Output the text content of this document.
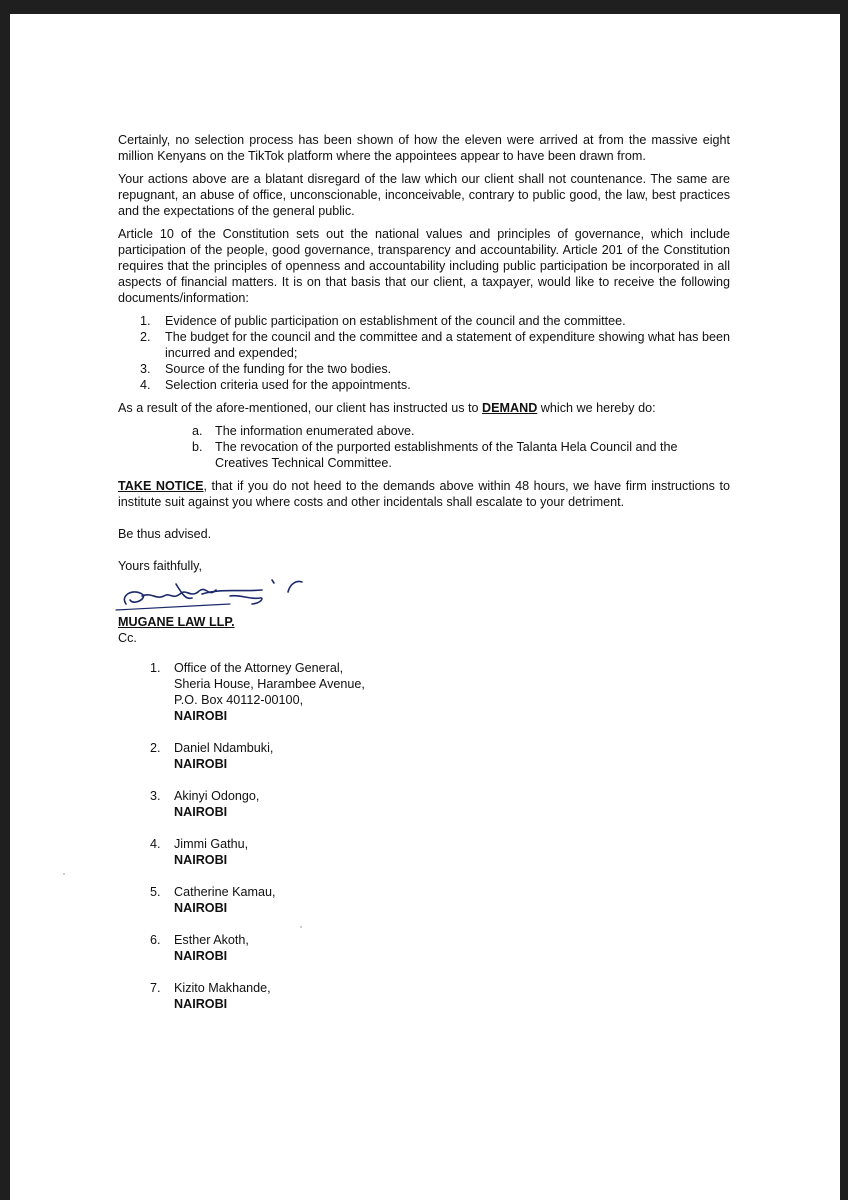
Certainly, no selection process has been shown of how the eleven were arrived at from the massive eight million Kenyans on the TikTok platform where the appointees appear to have been drawn from.

Your actions above are a blatant disregard of the law which our client shall not countenance. The same are repugnant, an abuse of office, unconscionable, inconceivable, contrary to public good, the law, best practices and the expectations of the general public.

Article 10 of the Constitution sets out the national values and principles of governance, which include participation of the people, good governance, transparency and accountability. Article 201 of the Constitution requires that the principles of openness and accountability including public participation be incorporated in all aspects of financial matters. It is on that basis that our client, a taxpayer, would like to receive the following documents/information:

1. Evidence of public participation on establishment of the council and the committee.
2. The budget for the council and the committee and a statement of expenditure showing what has been incurred and expended;
3. Source of the funding for the two bodies.
4. Selection criteria used for the appointments.

As a result of the afore-mentioned, our client has instructed us to DEMAND which we hereby do:

a. The information enumerated above.
b. The revocation of the purported establishments of the Talanta Hela Council and the Creatives Technical Committee.

TAKE NOTICE, that if you do not heed to the demands above within 48 hours, we have firm instructions to institute suit against you where costs and other incidentals shall escalate to your detriment.

Be thus advised.

Yours faithfully,

MUGANE LAW LLP.

Cc.

1. Office of the Attorney General,
Sheria House, Harambee Avenue,
P.O. Box 40112-00100,
NAIROBI
2. Daniel Ndambuki,
NAIROBI
3. Akinyi Odongo,
NAIROBI
4. Jimmi Gathu,
NAIROBI
5. Catherine Kamau,
NAIROBI
6. Esther Akoth,
NAIROBI
7. Kizito Makhande,
NAIROBI
